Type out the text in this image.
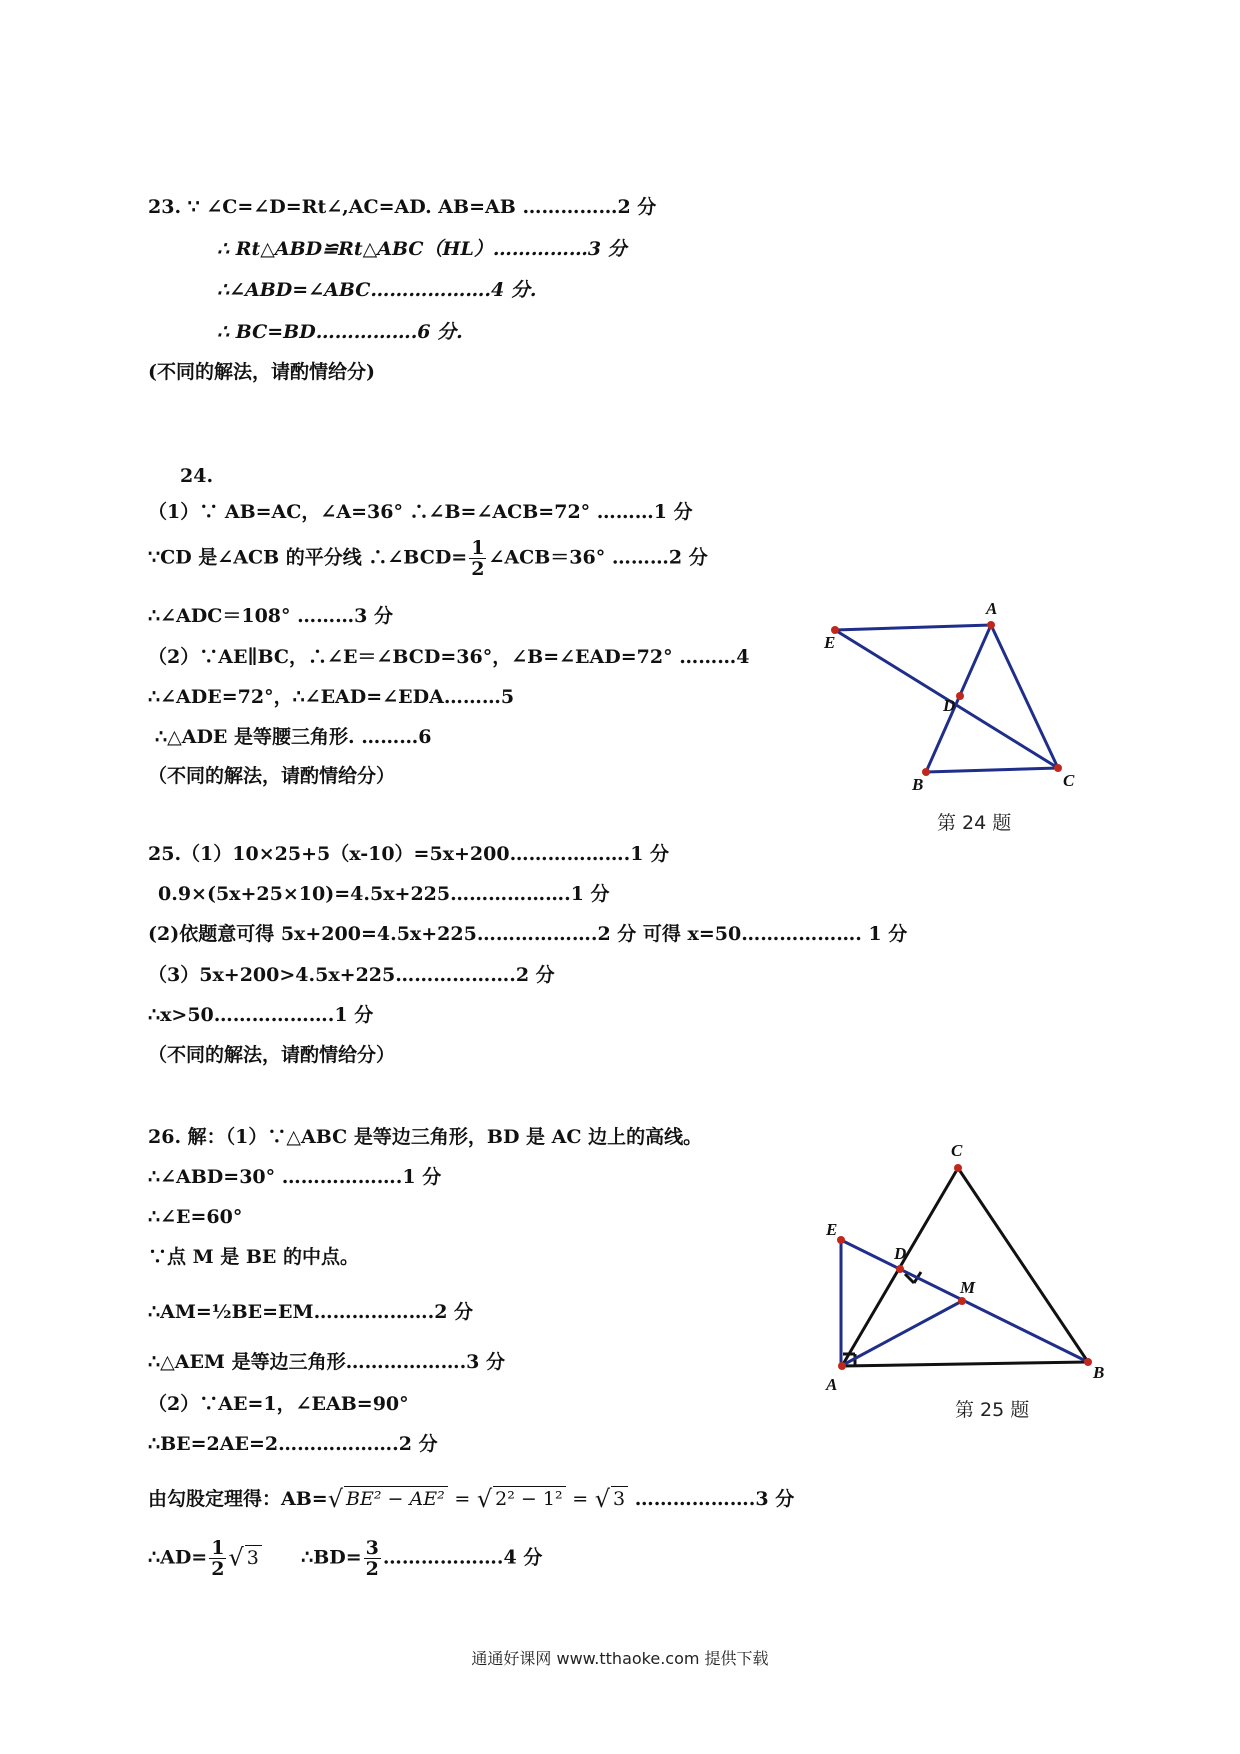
23. ∵ ∠C=∠D=Rt∠,AC=AD. AB=AB ……………2 分
∴ Rt△ABD≌Rt△ABC（HL）……………3 分
∴∠ABD=∠ABC……………….4 分.
∴ BC=BD…………….6 分.
(不同的解法，请酌情给分)
24.
（1）∵ AB=AC，∠A=36° ∴∠B=∠ACB=72° ………1 分
∵CD 是∠ACB 的平分线 ∴∠BCD= $\frac{1}{2}$ ∠ACB＝36° ………2 分
∴∠ADC＝108° ………3 分
（2）∵AE∥BC，∴∠E＝∠BCD=36°，∠B=∠EAD=72° ………4
∴∠ADE=72°，∴∠EAD=∠EDA………5
∴△ADE 是等腰三角形. ………6
（不同的解法，请酌情给分）
E
A
D
B	C
第 24 题
25.（1）10×25+5（x-10）=5x+200……………….1 分
0.9×(5x+25×10)=4.5x+225……………….1 分
(2)依题意可得 5x+200=4.5x+225……………….2 分 可得 x=50………………. 1 分
（3）5x+200>4.5x+225……………….2 分
∴x>50……………….1 分
（不同的解法，请酌情给分）
26. 解：（1）∵△ABC 是等边三角形，BD 是 AC 边上的高线。
∴∠ABD=30° ……………….1 分
∴∠E=60°
∵点 M 是 BE 的中点。
∴AM=½BE=EM……………….2 分
∴△AEM 是等边三角形……………….3 分
（2）∵AE=1，∠EAB=90°
∴BE=2AE=2……………….2 分
由勾股定理得：AB=√ BE² − AE² = √ 2² − 1² = √ 3 ……………….3 分
∴AD= $\frac{1}{2}$ √ 3 ∴BD= $\frac{3}{2}$ ……………….4 分
C
E
D
M
A
B
第 25 题
通通好课网 www.tthaoke.com 提供下载
